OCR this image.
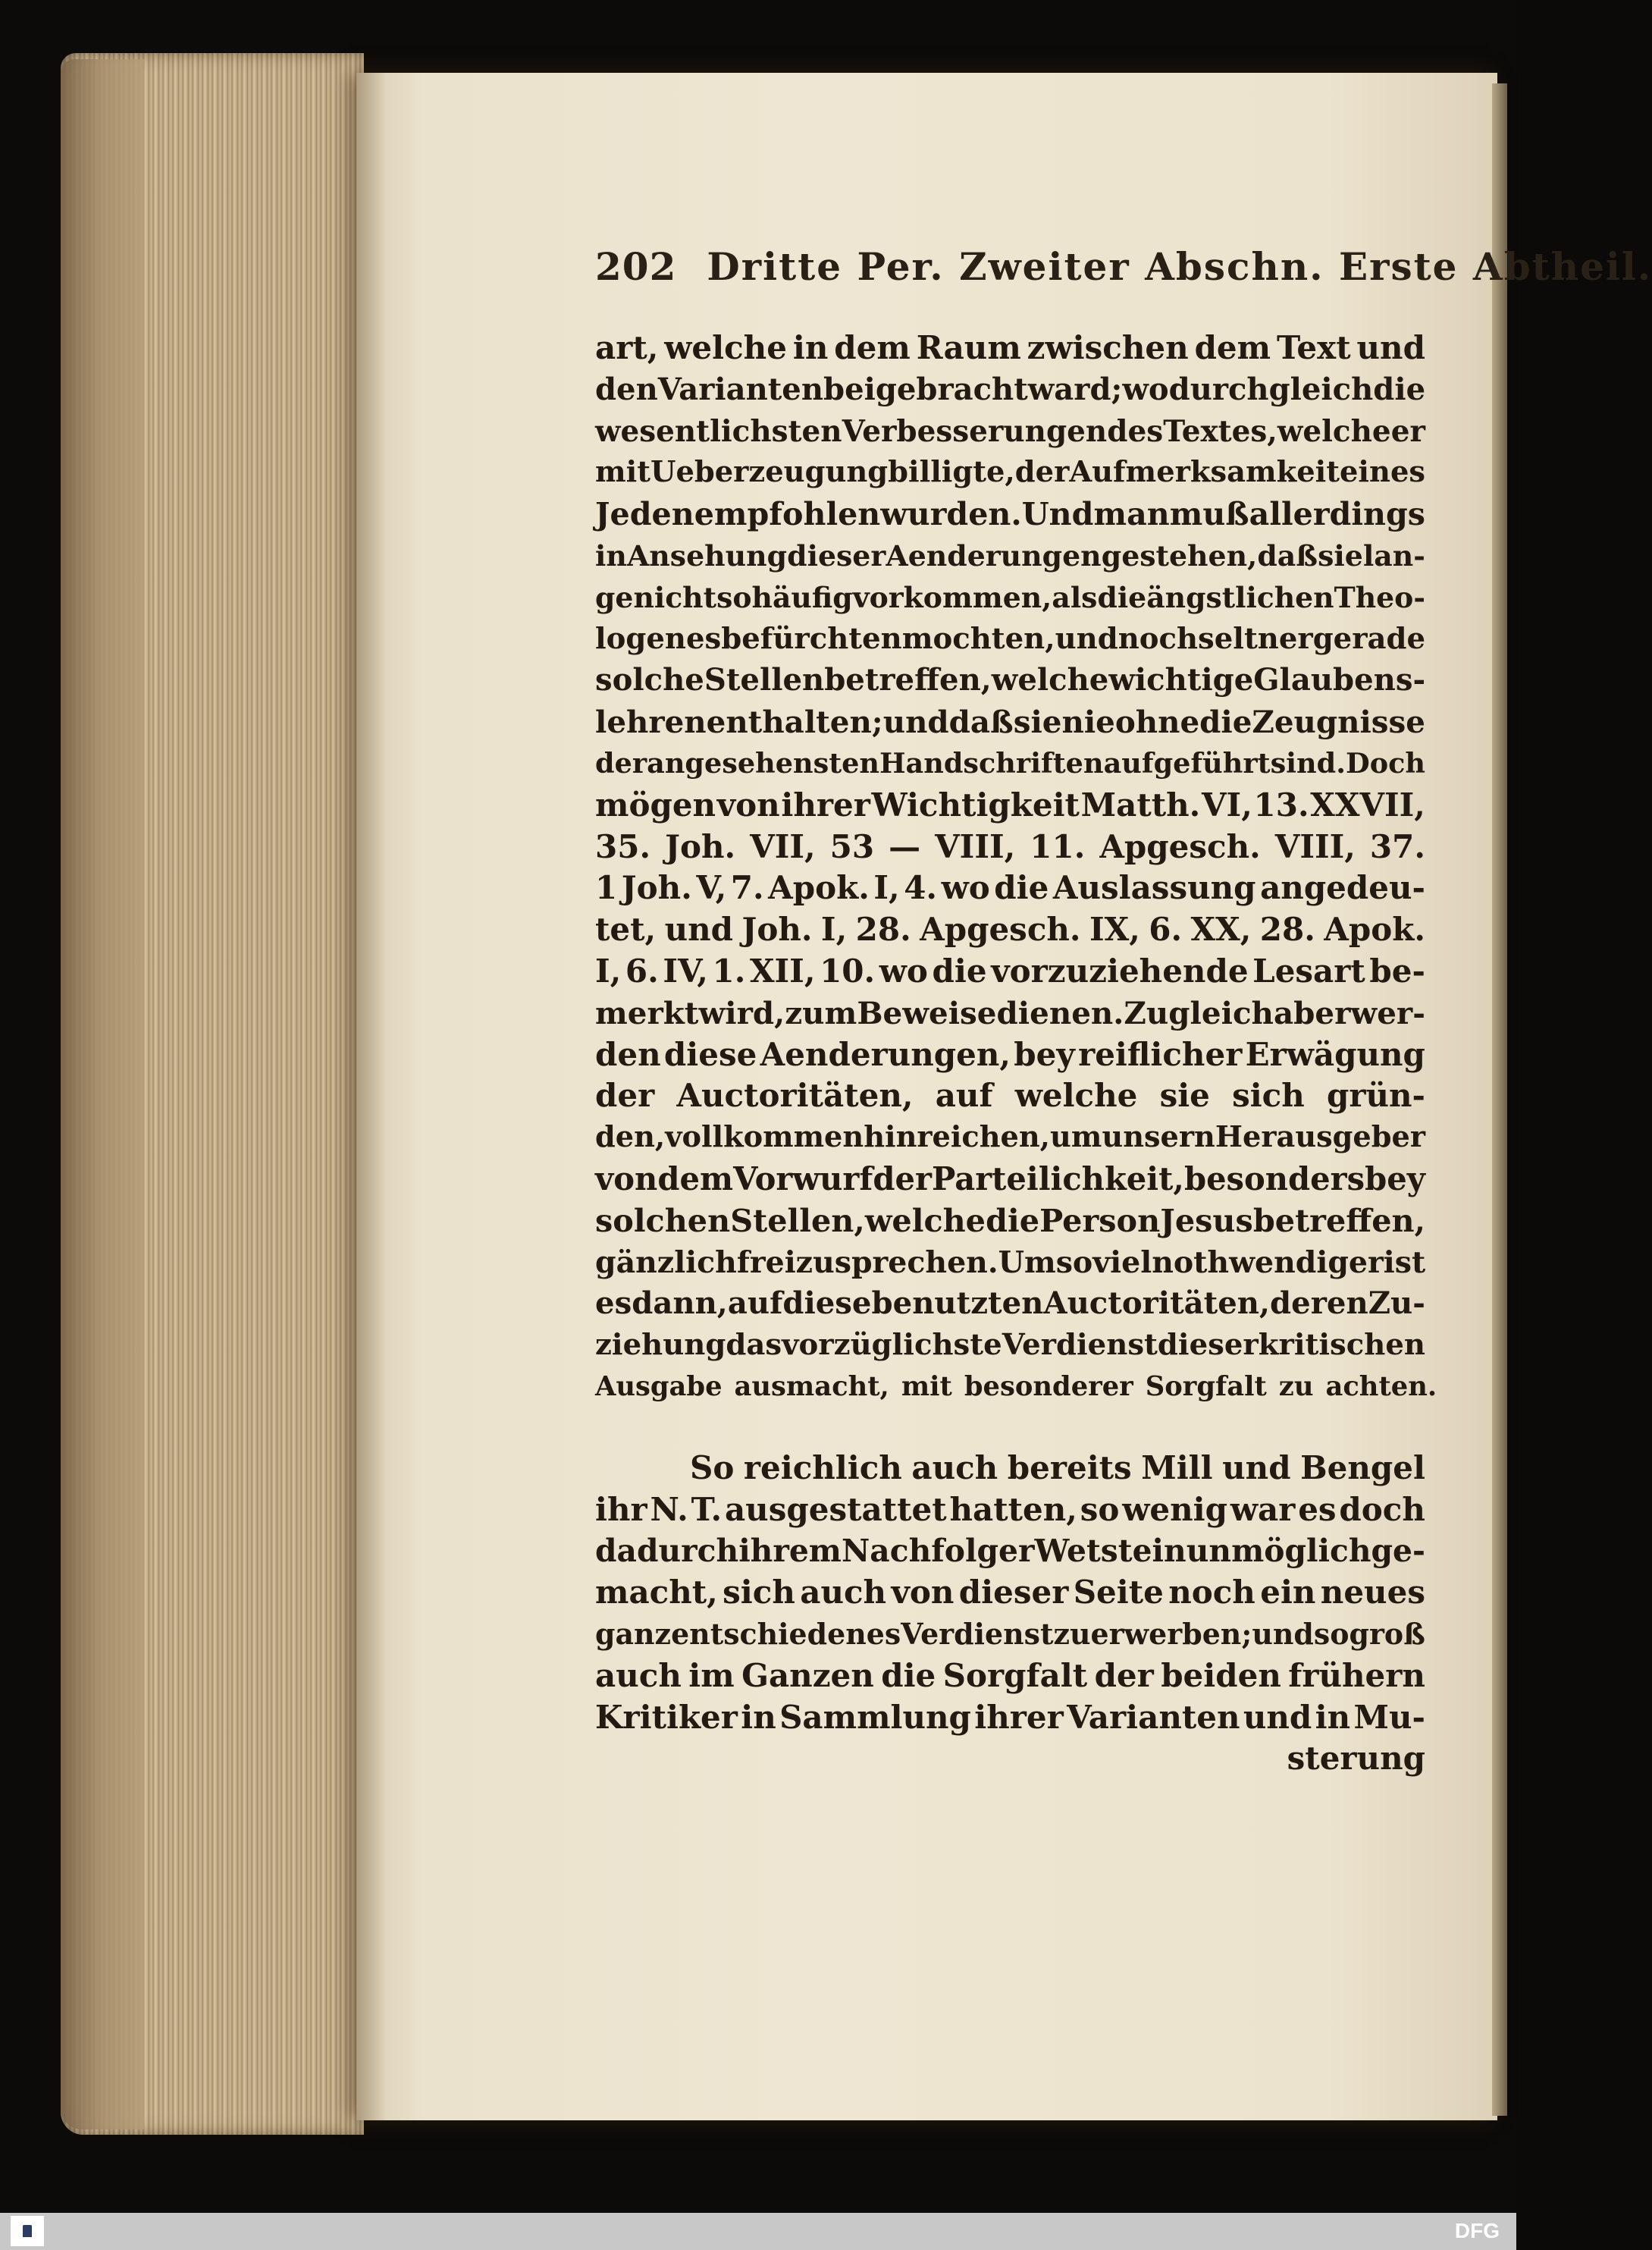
202 Dritte Per. Zweiter Abschn. Erste Abtheil.
art, welche in dem Raum zwischen dem Text und
den Varianten beigebracht ward; wodurch gleich die
wesentlichsten Verbesserungen des Textes, welche er
mit Ueberzeugung billigte, der Aufmerksamkeit eines
Jeden empfohlen wurden. Und man muß allerdings
in Ansehung dieser Aenderungen gestehen, daß sie lan-
ge nicht so häufig vorkommen, als die ängstlichen Theo-
logen es befürchten mochten, und noch seltner gerade
solche Stellen betreffen, welche wichtige Glaubens-
lehren enthalten; und daß sie nie ohne die Zeugnisse
der angesehensten Handschriften aufgeführt sind. Doch
mögen von ihrer Wichtigkeit Matth. VI, 13. XXVII,
35. Joh. VII, 53 — VIII, 11. Apgesch. VIII, 37.
1 Joh. V, 7. Apok. I, 4. wo die Auslassung angedeu-
tet, und Joh. I, 28. Apgesch. IX, 6. XX, 28. Apok.
I, 6. IV, 1. XII, 10. wo die vorzuziehende Lesart be-
merkt wird, zum Beweise dienen. Zugleich aber wer-
den diese Aenderungen, bey reiflicher Erwägung
der Auctoritäten, auf welche sie sich grün-
den, vollkommen hinreichen, um unsern Herausgeber
von dem Vorwurf der Parteilichkeit, besonders bey
solchen Stellen, welche die Person Jesus betreffen,
gänzlich freizusprechen. Um so viel nothwendiger ist
es dann, auf diese benutzten Auctoritäten, deren Zu-
ziehung das vorzüglichste Verdienst dieser kritischen
Ausgabe ausmacht, mit besonderer Sorgfalt zu achten.
So reichlich auch bereits Mill und Bengel
ihr N. T. ausgestattet hatten, so wenig war es doch
dadurch ihrem Nachfolger Wetstein unmöglich ge-
macht, sich auch von dieser Seite noch ein neues
ganz entschiedenes Verdienst zu erwerben; und so groß
auch im Ganzen die Sorgfalt der beiden frühern
Kritiker in Sammlung ihrer Varianten und in Mu-
sterung
DFG
